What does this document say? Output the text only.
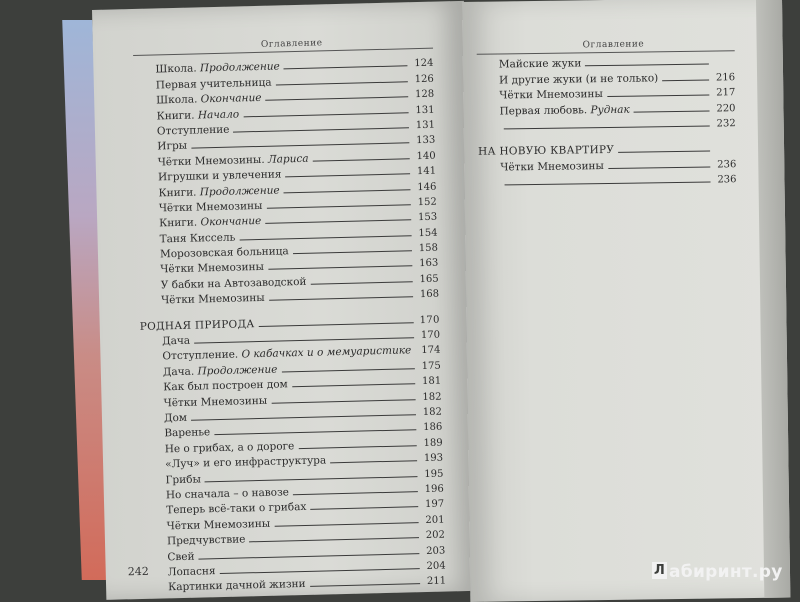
Оглавление
Школа. Продолжение	124
Первая учительница	126
Школа. Окончание	128
Книги. Начало	131
Отступление	131
Игры	133
Чётки Мнемозины. Лариса	140
Игрушки и увлечения	141
Книги. Продолжение	146
Чётки Мнемозины	152
Книги. Окончание	153
Таня Киссель	154
Морозовская больница	158
Чётки Мнемозины	163
У бабки на Автозаводской	165
Чётки Мнемозины	168
РОДНАЯ ПРИРОДА	170
Дача	170
Отступление. О кабачках и о мемуаристике 174
Дача. Продолжение	175
Как был построен дом	181
Чётки Мнемозины	182
Дом	182
Варенье	186
Не о грибах, а о дороге	189
«Луч» и его инфраструктура	193
Грибы	195
Но сначала – о навозе	196
Теперь всё-таки о грибах	197
Чётки Мнемозины	201
Предчувствие	202
Свей	203
Лопасня	204
Картинки дачной жизни	211
242
Оглавление
Майские жуки
И другие жуки (и не только)	216
Чётки Мнемозины	217
Первая любовь. Руднак	220
232
НА НОВУЮ КВАРТИРУ
Чётки Мнемозины	236
236
Л абиринт.ру
